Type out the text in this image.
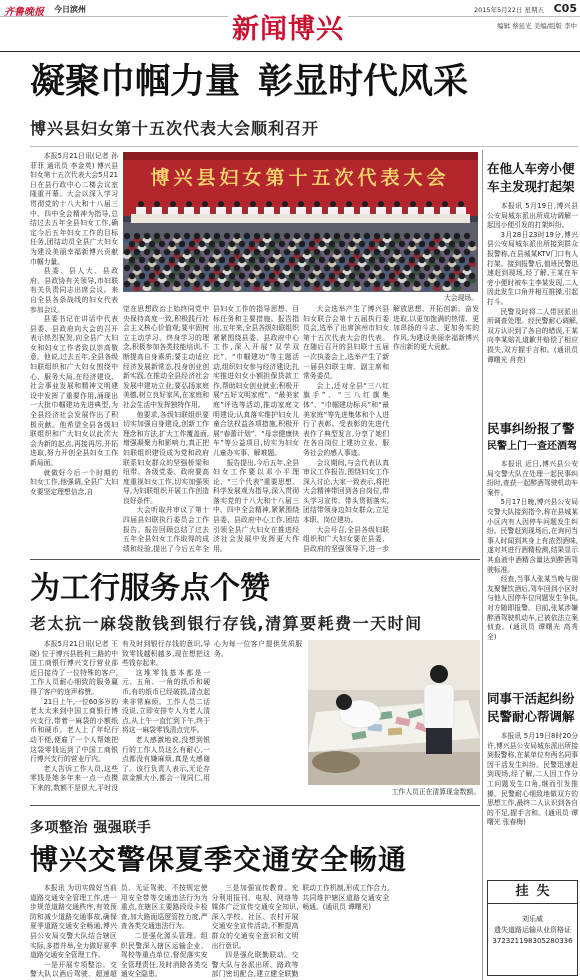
齐鲁晚报 今日滨州
新闻博兴
2015年5月22日 星期五 C05
编辑 蔡延光 美编/组版 李中
凝聚巾帼力量 彰显时代风采
博兴县妇女第十五次代表大会顺利召开

本报5月21日讯(记者 孙菲菲 通讯员 李金英) 博兴县妇女第十五次代表大会5月21日在县行政中心二楼会议室隆重开幕。大会以深入学习贯彻党的十八大和十八届三中、四中全会精神为指导,总结过去五年全县妇女工作,确定今后五年妇女工作的目标任务,团结动员全县广大妇女为建设美丽幸福新博兴贡献巾帼力量。

县委、县人大、县政府、县政协有关领导,市妇联有关负责同志出席会议。来自全县各条战线的妇女代表参加会议。

县委书记在讲话中代表县委、县政府向大会的召开表示热烈祝贺,向全县广大妇女和妇女工作者致以崇高敬意。他说,过去五年,全县各级妇联组织和广大妇女围绕中心、服务大局,在经济建设、社会事业发展和精神文明建设中发挥了重要作用,涌现出一大批巾帼建功先进典型,为全县经济社会发展作出了积极贡献。他希望全县各级妇联组织和广大妇女以此次大会为新的起点,再接再厉,开拓进取,努力开创全县妇女工作新局面。

就做好今后一个时期的妇女工作,他强调,全县广大妇女要坚定理想信念,自

博兴县妇女第十五次代表大会
大会现场。

觉在思想政治上始终同党中央保持高度一致,积极践行社会主义核心价值观;要牢固树立主动学习、终身学习的理念,积极参加各类技能培训,不断提高自身素质;要主动适应经济发展新常态,投身创业创新实践,在推动全县经济社会发展中建功立业;要弘扬家庭美德,树立良好家风,在家庭和社会生活中发挥独特作用。

他要求,各级妇联组织要切实加强自身建设,创新工作理念和方法,扩大工作覆盖面,增强凝聚力和影响力,真正把妇联组织建设成为党和政府联系妇女群众的坚强桥梁和纽带。各级党委、政府要高度重视妇女工作,切实加强领导,为妇联组织开展工作创造良好条件。

大会听取并审议了第十四届县妇联执行委员会工作报告。报告回顾总结了过去五年全县妇女工作取得的成绩和经验,提出了今后五年全县妇女工作的指导思想、目标任务和主要措施。报告指出,五年来,全县各级妇联组织紧紧围绕县委、县政府中心工作,深入开展“双学双比”、“巾帼建功”等主题活动,组织妇女参与经济建设;扎实推进妇女小额担保贷款工作,帮助妇女创业就业;积极开展“五好文明家庭”、“最美家庭”评选等活动,推动家庭文明建设;认真落实维护妇女儿童合法权益各项措施,积极开展“春蕾计划”、“母亲健康快车”等公益项目,切实为妇女儿童办实事、解难题。

报告提出,今后五年,全县妇女工作要以邓小平理论、“三个代表”重要思想、科学发展观为指导,深入贯彻落实党的十八大和十八届三中、四中全会精神,紧紧围绕县委、县政府中心工作,团结引领全县广大妇女在推进经济社会发展中发挥更大作用。

大会选举产生了博兴县妇女联合会第十五届执行委员会,选举了出席滨州市妇女第十五次代表大会的代表。在随后召开的县妇联十五届一次执委会上,选举产生了新一届县妇联主席、副主席和常务委员。

会上,还对全县“三八红旗手”、“三八红旗集体”、“巾帼建功标兵”和“最美家庭”等先进集体和个人进行了表彰。受表彰的先进代表作了典型发言,分享了她们在各自岗位上建功立业、服务社会的感人事迹。

会议期间,与会代表认真审议工作报告,围绕妇女工作深入讨论,大家一致表示,将把大会精神带回到各自岗位,带头学习宣传、带头贯彻落实,团结带领身边妇女群众,立足本职、岗位建功。

大会号召,全县各级妇联组织和广大妇女要在县委、县政府的坚强领导下,进一步解放思想、开拓创新、奋发进取,以更加饱满的热情、更加昂扬的斗志、更加务实的作风,为建设美丽幸福新博兴作出新的更大贡献。

为工行服务点个赞
老太抗一麻袋散钱到银行存钱,清算要耗费一天时间

本报5月21日讯(记者 王晓) 位于博兴县胜利三路的中国工商银行博兴支行营业部近日接待了一位特殊的客户,工作人员耐心细致的服务赢得了客户的连声称赞。

21日上午,一位60多岁的老太太来到中国工商银行博兴支行,带着一麻袋的小额纸币和硬币。老人上了年纪行动不便,便雇了一个人帮她把这袋零钱运到了中国工商银行博兴支行的营业厅内。

老人告诉工作人员,这些零钱是她多年来一点一点攒下来的,数额不是很大,平时没有及时到银行存钱的意识,导致零钱越积越多,现在想把这些钱存起来。

这堆零钱基本都是一元、五角、一角的纸币和硬币,有的纸币已经破损,清点起来非常麻烦。工作人员二话没说,立即安排专人为老人清点,从上午一直忙到下午,终于将这一麻袋零钱清点完毕。

老人感激地说,没想到银行的工作人员这么有耐心,一点都没有嫌麻烦,真是太感谢了。该行负责人表示,无论存款金额大小,都会一视同仁,用心为每一位客户提供优质服务。

工作人员正在清算现金数额。
多项整治 强强联手
博兴交警保夏季交通安全畅通

本报讯 为切实做好当前道路交通安全管理工作,进一步规范道路交通秩序,有效预防和减少道路交通事故,确保夏季道路交通安全畅通,博兴县公安局交警大队结合辖区实际,多措并举,全力做好夏季道路交通安全管理工作。

一是开展专项整治。交警大队以酒后驾驶、超速超员、无证驾驶、不按规定使用安全带等交通违法行为为重点,在辖区主要路段设卡检查,加大路面巡逻管控力度,严查各类交通违法行为。

二是强化源头管理。组织民警深入辖区运输企业、驾校等重点单位,督促落实安全管理责任,及时消除各类交通安全隐患。

三是加强宣传教育。充分利用报刊、电视、网络等媒体广泛宣传交通安全知识,深入学校、社区、农村开展交通安全宣传活动,不断提高群众的交通安全意识和文明出行意识。

四是强化联勤联动。交警大队与各派出所、路政等部门密切配合,建立健全联勤联动工作机制,形成工作合力,共同维护辖区道路交通安全畅通。(通讯员 谭曙光)

在他人车旁小便
车主发现打起架

本报讯 5月19日,博兴县公安局城东派出所成功调解一起因小便引发的打架纠纷。

3月28日23时19分,博兴县公安局城东派出所接到群众报警称,在县城某KTV门口有人打架。接到报警后,值班民警迅速赶到现场,经了解,王某在车旁小便时被车主李某发现,二人因此发生口角并相互推搡,引起打斗。

民警及时将二人带回派出所调查处理。经民警耐心调解,双方认识到了各自的错误,王某向李某赔礼道歉并赔偿了相应损失,双方握手言和。(通讯员 谭曙光 肖亮)

民事纠纷报了警
民警上门一查还酒驾

本报讯 近日,博兴县公安局交警大队在处理一起民事纠纷时,查获一起醉酒驾驶机动车案件。

5月17日晚,博兴县公安局交警大队接到指令,称在县城某小区内有人因停车问题发生纠纷。民警赶到现场后,在询问当事人时闻到其身上有浓烈酒味,遂对其进行酒精检测,结果显示其血液中酒精含量达到醉酒驾驶标准。

经查,当事人张某当晚与朋友聚餐饮酒后,驾车回到小区时与他人因停车位问题发生争执,对方随即报警。目前,张某涉嫌醉酒驾驶机动车,已被依法立案侦查。(通讯员 谭曙光 高秀全)

同事干活起纠纷
民警耐心帮调解

本报讯 5月19日8时20分许,博兴县公安局城东派出所接到报警称,在某单位有两名同事因干活发生纠纷。民警迅速赶到现场,经了解,二人因工作分工问题发生口角,继而引发推搡。民警耐心细致地做双方的思想工作,最终二人认识到各自的不足,握手言和。(通讯员 谭曙光 张春梅)

挂失
刘乐威
遗失道路运输从业资格证
372321198305280336
